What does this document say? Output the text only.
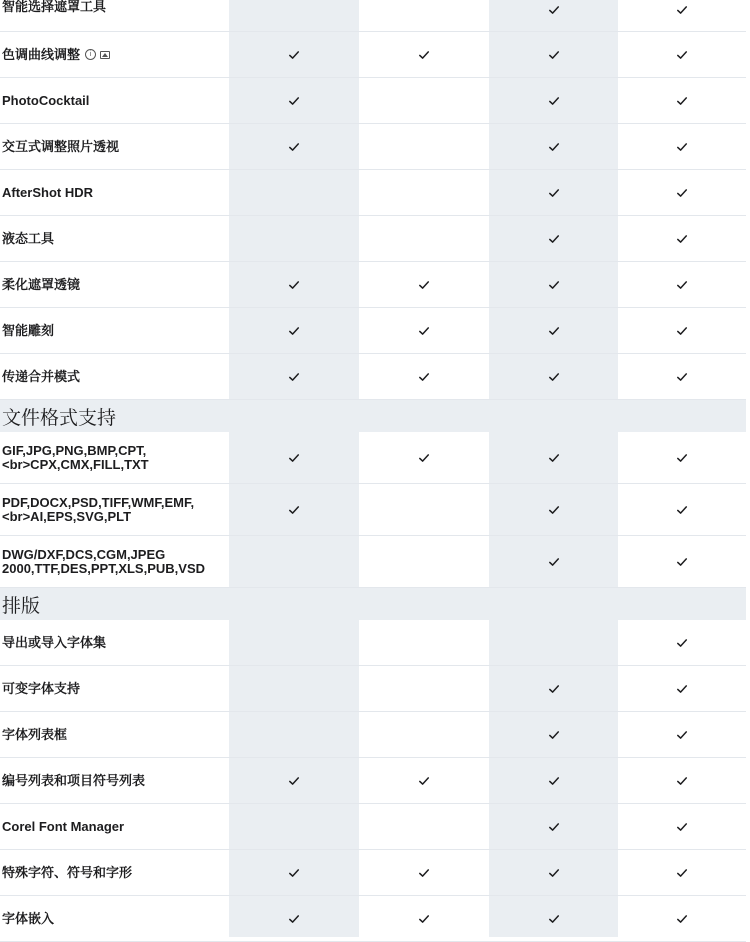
智能选择遮罩工具
色调曲线调整	i
PhotoCocktail
交互式调整照片透视
AfterShot HDR
液态工具
柔化遮罩透镜
智能雕刻
传递合并模式
文件格式支持
GIF,JPG,PNG,BMP,CPT,
<br>CPX,CMX,FILL,TXT
PDF,DOCX,PSD,TIFF,WMF,EMF,
<br>AI,EPS,SVG,PLT
DWG/DXF,DCS,CGM,JPEG
2000,TTF,DES,PPT,XLS,PUB,VSD
排版
导出或导入字体集
可变字体支持
字体列表框
编号列表和项目符号列表
Corel Font Manager
特殊字符、符号和字形
字体嵌入
